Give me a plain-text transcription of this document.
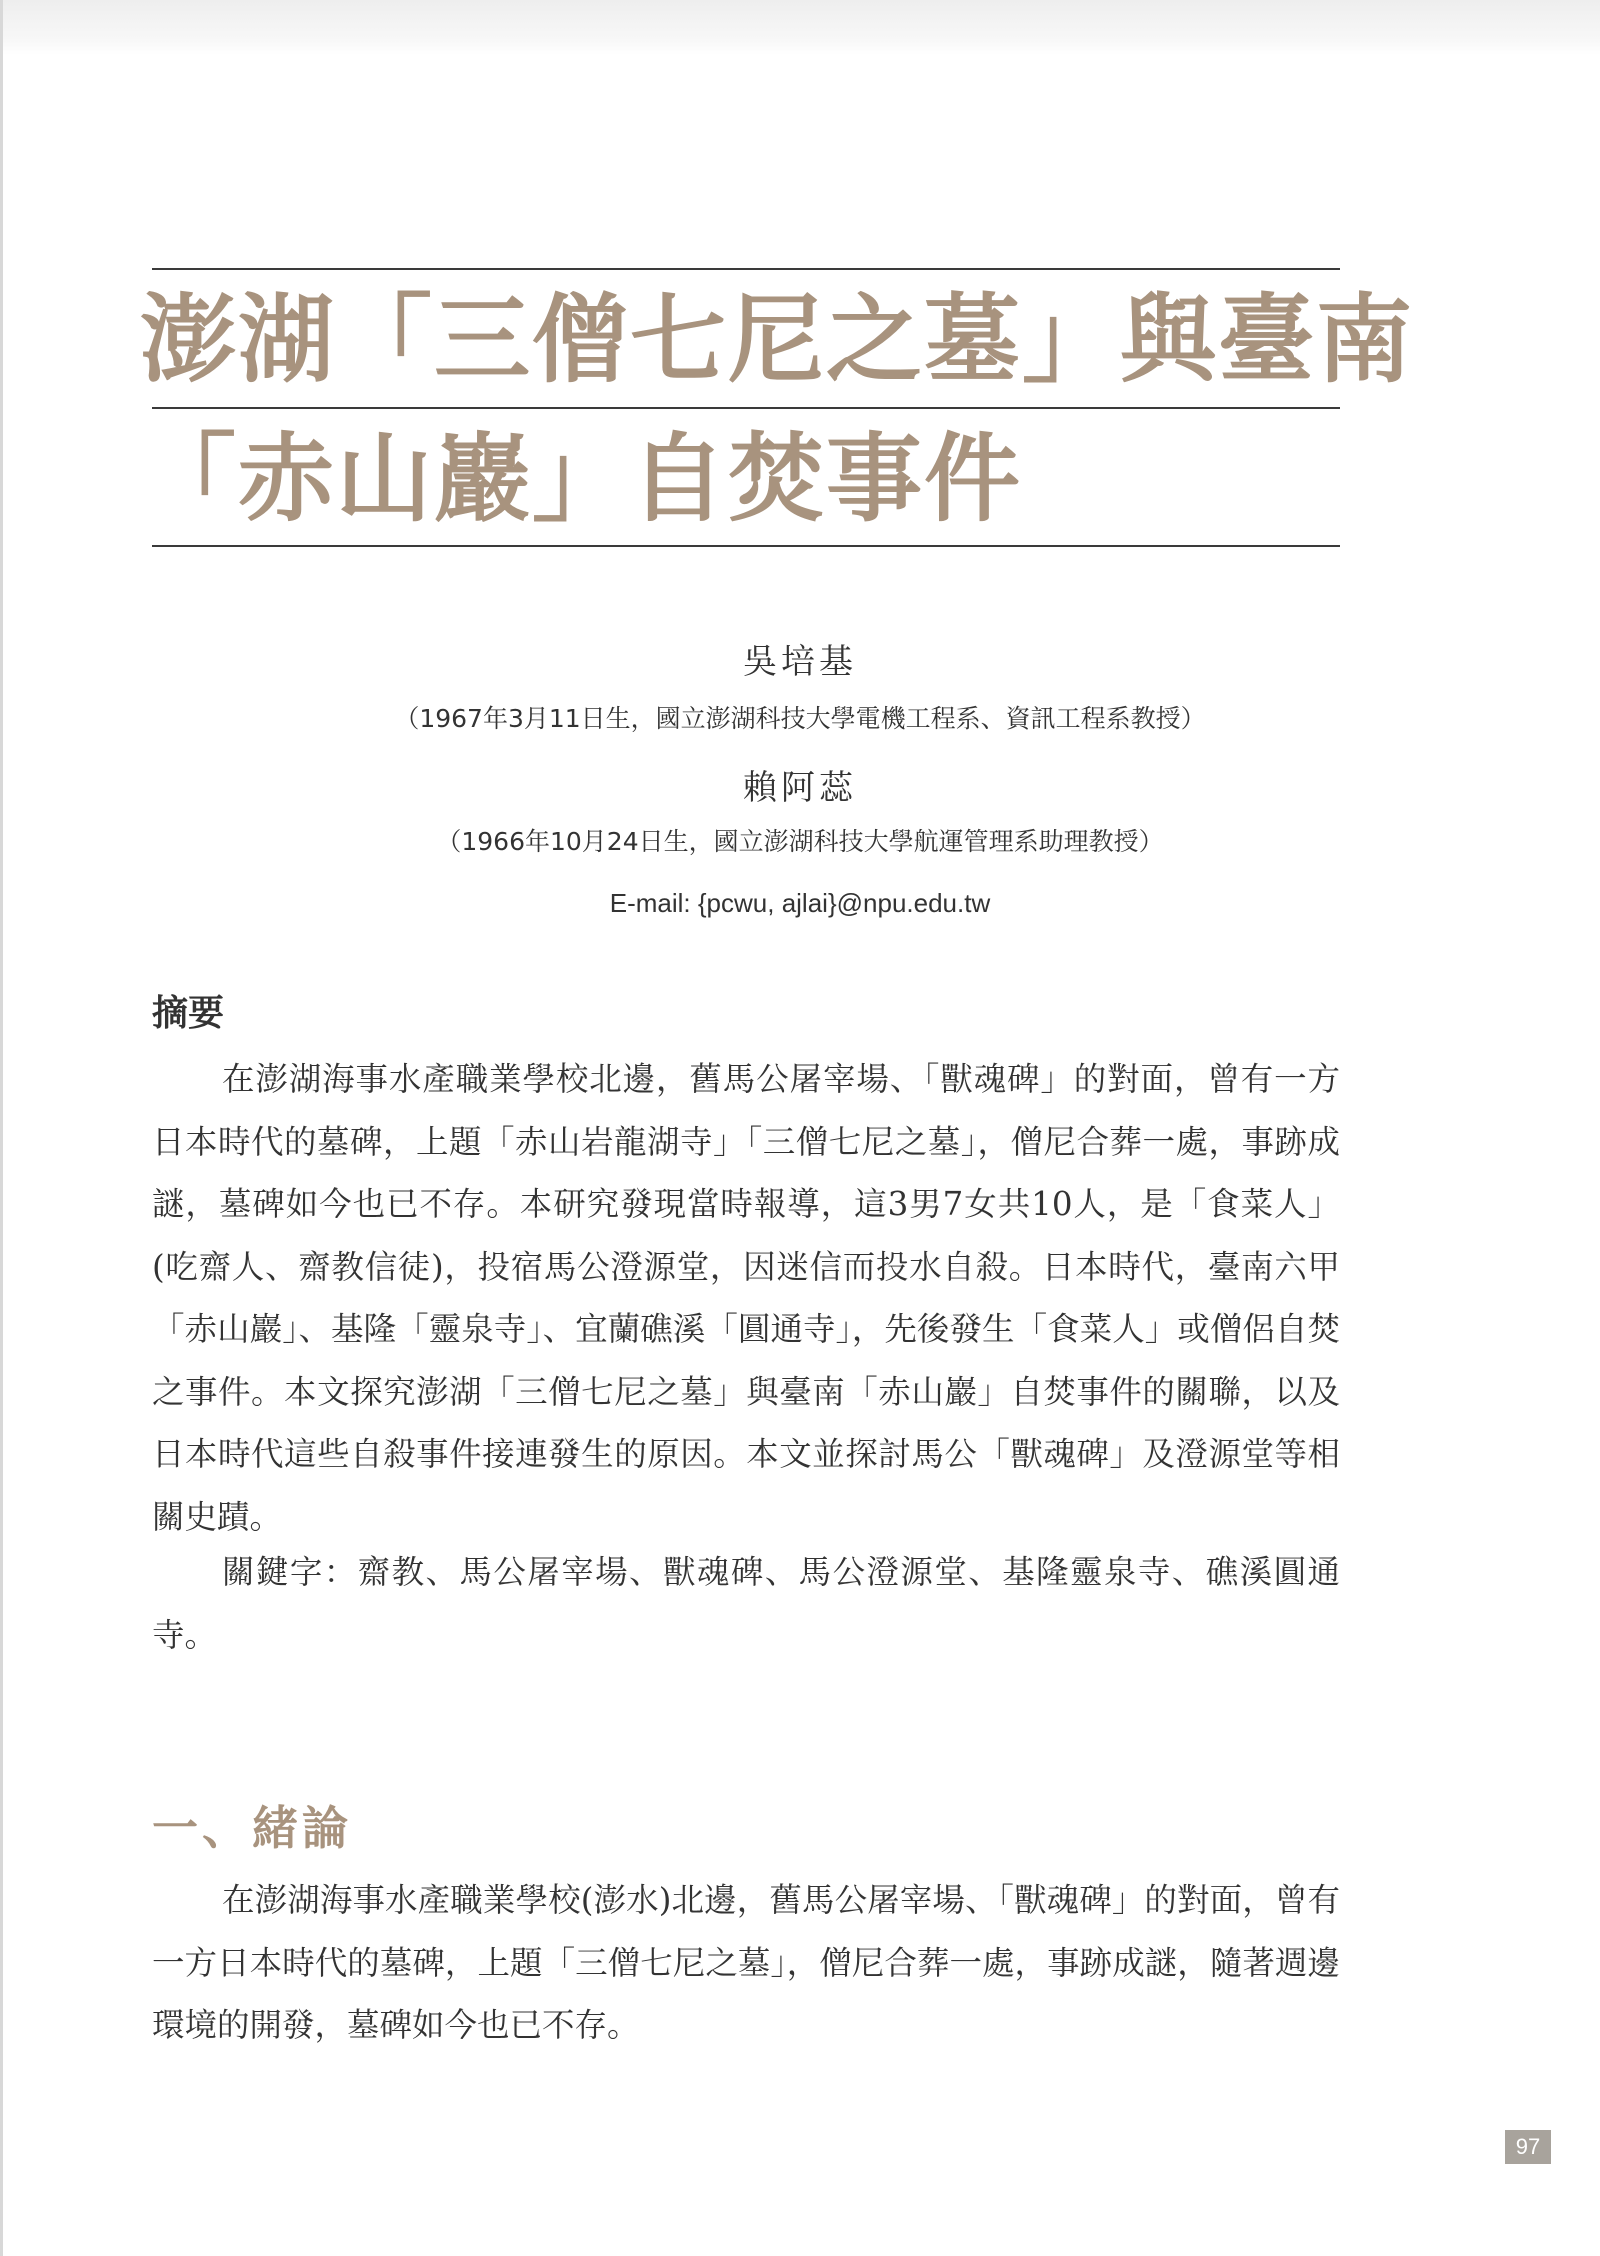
澎湖「三僧七尼之墓」與臺南
「赤山巖」自焚事件
吳培基
（1967年3月11日生，國立澎湖科技大學電機工程系、資訊工程系教授）
賴阿蕊
（1966年10月24日生，國立澎湖科技大學航運管理系助理教授）
E-mail: {pcwu, ajlai}@npu.edu.tw
摘要

在澎湖海事水產職業學校北邊，舊馬公屠宰場、「獸魂碑」的對面，曾有一方日本時代的墓碑，上題「赤山岩龍湖寺」「三僧七尼之墓」，僧尼合葬一處，事跡成謎，墓碑如今也已不存。本研究發現當時報導，這3男7女共10人，是「食菜人」(吃齋人、齋教信徒)，投宿馬公澄源堂，因迷信而投水自殺。日本時代，臺南六甲「赤山巖」、基隆「靈泉寺」、宜蘭礁溪「圓通寺」，先後發生「食菜人」或僧侶自焚之事件。本文探究澎湖「三僧七尼之墓」與臺南「赤山巖」自焚事件的關聯，以及日本時代這些自殺事件接連發生的原因。本文並探討馬公「獸魂碑」及澄源堂等相關史蹟。

關鍵字：齋教、馬公屠宰場、獸魂碑、馬公澄源堂、基隆靈泉寺、礁溪圓通寺。

一、緒論

在澎湖海事水產職業學校(澎水)北邊，舊馬公屠宰場、「獸魂碑」的對面，曾有一方日本時代的墓碑，上題「三僧七尼之墓」，僧尼合葬一處，事跡成謎，隨著週邊環境的開發，墓碑如今也已不存。

97
